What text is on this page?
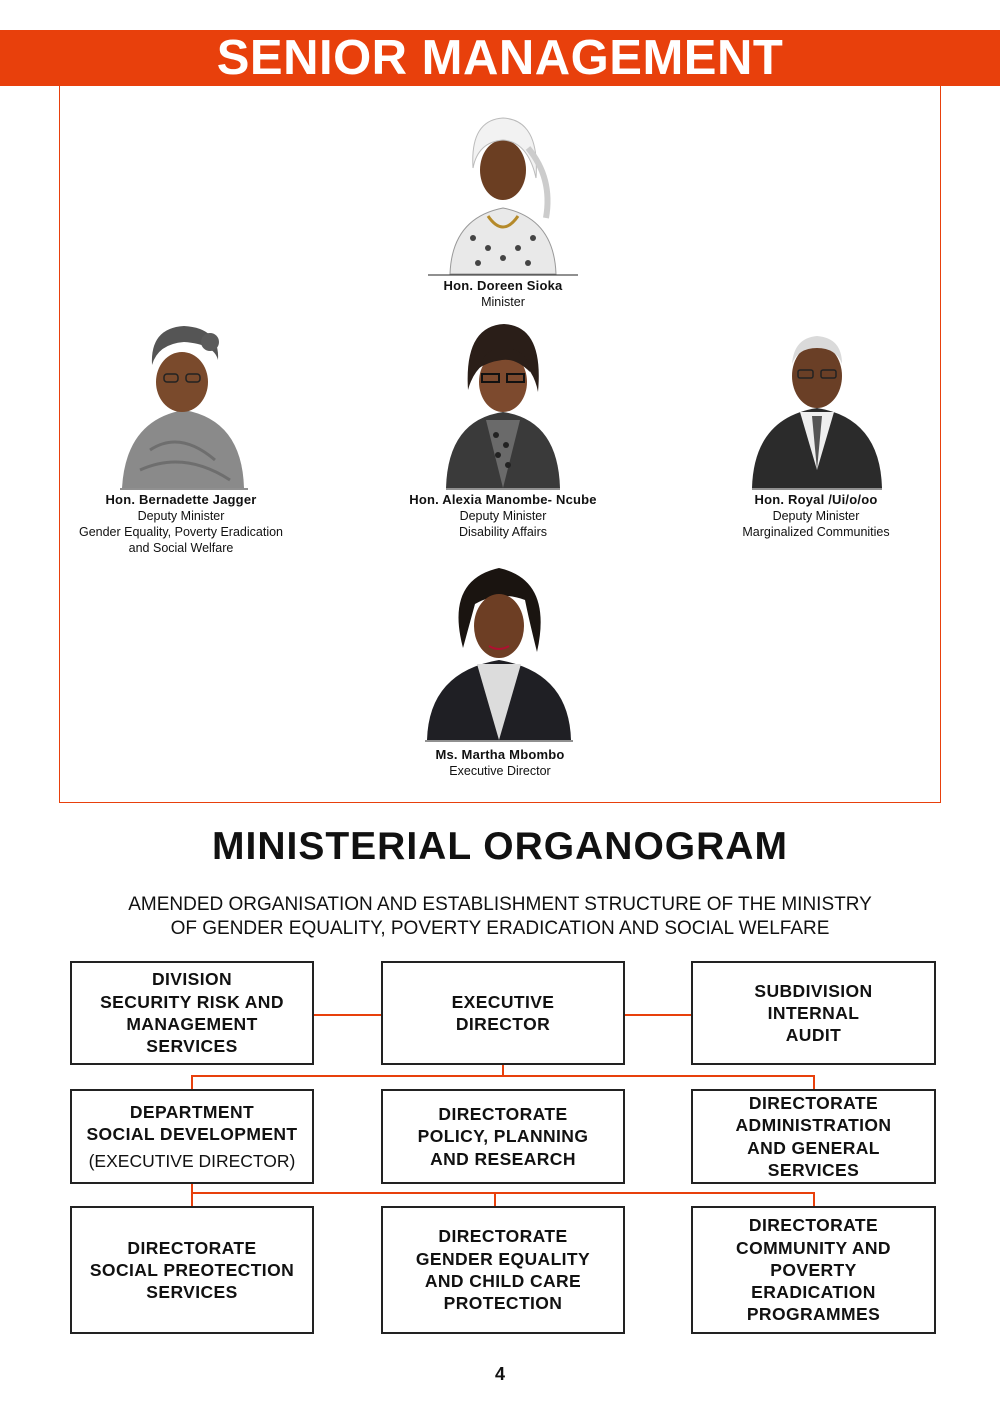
SENIOR MANAGEMENT
Hon. Doreen Sioka
Minister
Hon. Bernadette Jagger
Deputy Minister
Gender Equality, Poverty Eradication
and Social Welfare
Hon. Alexia Manombe- Ncube
Deputy Minister
Disability Affairs
Hon. Royal /Ui/o/oo
Deputy Minister
Marginalized Communities
Ms. Martha Mbombo
Executive Director
MINISTERIAL ORGANOGRAM
AMENDED ORGANISATION AND ESTABLISHMENT STRUCTURE OF THE MINISTRY
OF GENDER EQUALITY, POVERTY ERADICATION AND SOCIAL WELFARE
DIVISION
SECURITY RISK AND
MANAGEMENT
SERVICES
EXECUTIVE
DIRECTOR
SUBDIVISION
INTERNAL
AUDIT
DEPARTMENT
SOCIAL DEVELOPMENT
(EXECUTIVE DIRECTOR)
DIRECTORATE
POLICY, PLANNING
AND RESEARCH
DIRECTORATE
ADMINISTRATION
AND GENERAL
SERVICES
DIRECTORATE
SOCIAL PREOTECTION
SERVICES
DIRECTORATE
GENDER EQUALITY
AND CHILD CARE
PROTECTION
DIRECTORATE
COMMUNITY AND
POVERTY
ERADICATION
PROGRAMMES
4
